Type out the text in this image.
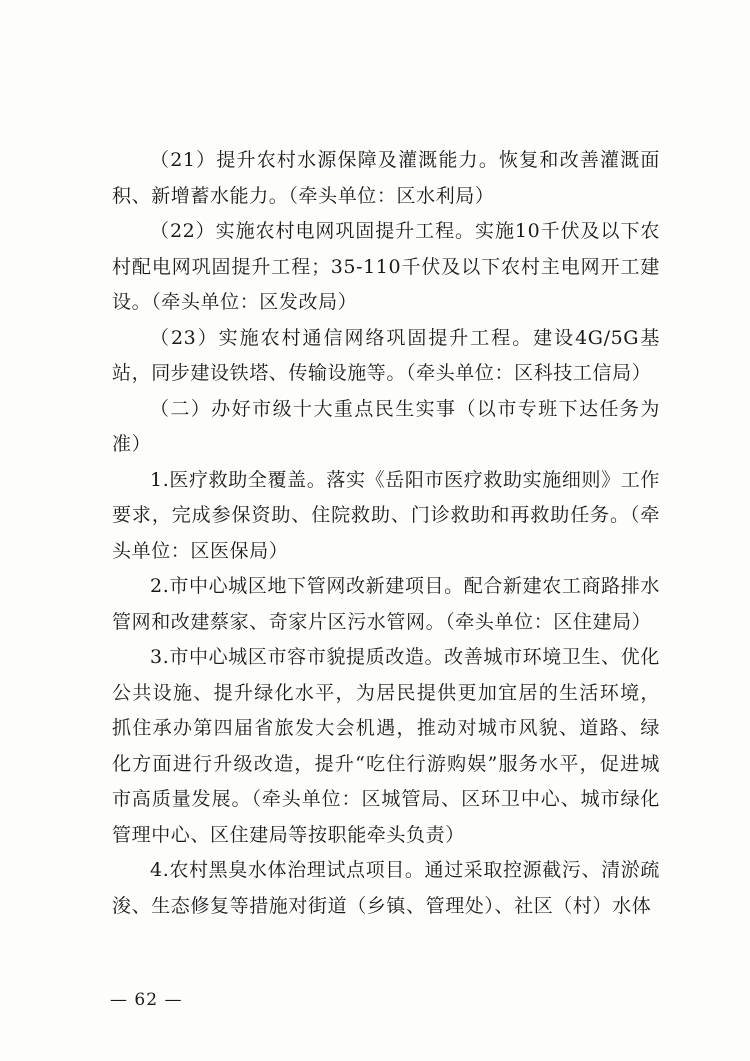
（21）提升农村水源保障及灌溉能力。恢复和改善灌溉面积、新增蓄水能力。（牵头单位：区水利局）

（22）实施农村电网巩固提升工程。实施10千伏及以下农村配电网巩固提升工程；35-110千伏及以下农村主电网开工建设。（牵头单位：区发改局）

（23）实施农村通信网络巩固提升工程。建设4G/5G基站，同步建设铁塔、传输设施等。（牵头单位：区科技工信局）

（二）办好市级十大重点民生实事（以市专班下达任务为准）

1.医疗救助全覆盖。落实《岳阳市医疗救助实施细则》工作要求，完成参保资助、住院救助、门诊救助和再救助任务。（牵头单位：区医保局）

2.市中心城区地下管网改新建项目。配合新建农工商路排水管网和改建蔡家、奇家片区污水管网。（牵头单位：区住建局）

3.市中心城区市容市貌提质改造。改善城市环境卫生、优化公共设施、提升绿化水平，为居民提供更加宜居的生活环境，抓住承办第四届省旅发大会机遇，推动对城市风貌、道路、绿化方面进行升级改造，提升“吃住行游购娱”服务水平，促进城市高质量发展。（牵头单位：区城管局、区环卫中心、城市绿化管理中心、区住建局等按职能牵头负责）

4.农村黑臭水体治理试点项目。通过采取控源截污、清淤疏浚、生态修复等措施对街道（乡镇、管理处）、社区（村）水体

— 62 —
